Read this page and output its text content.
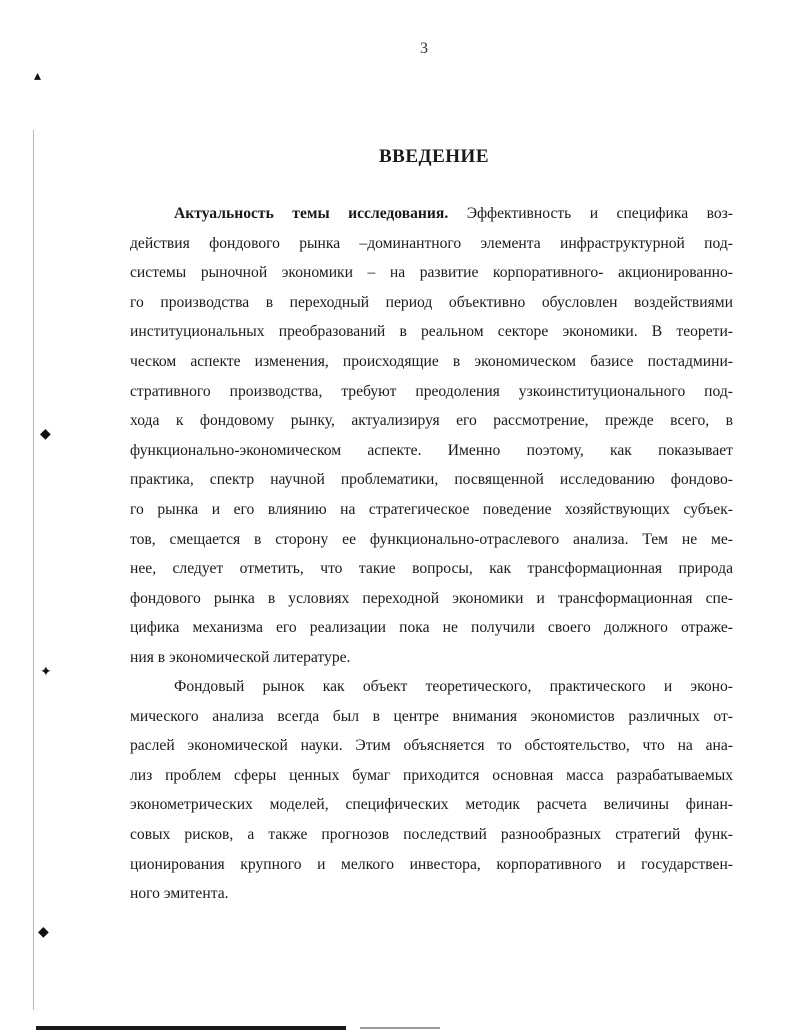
3
▴
◆
✦
◆
ВВЕДЕНИЕ
Актуальность темы исследования. Эффективность и специфика воз-
действия фондового рынка –доминантного элемента инфраструктурной под-
системы рыночной экономики – на развитие корпоративного- акционированно-
го производства в переходный период объективно обусловлен воздействиями
институциональных преобразований в реальном секторе экономики. В теорети-
ческом аспекте изменения, происходящие в экономическом базисе постадмини-
стративного производства, требуют преодоления узкоинституционального под-
хода к фондовому рынку, актуализируя его рассмотрение, прежде всего, в
функционально-экономическом аспекте. Именно поэтому, как показывает
практика, спектр научной проблематики, посвященной исследованию фондово-
го рынка и его влиянию на стратегическое поведение хозяйствующих субъек-
тов, смещается в сторону ее функционально-отраслевого анализа. Тем не ме-
нее, следует отметить, что такие вопросы, как трансформационная природа
фондового рынка в условиях переходной экономики и трансформационная спе-
цифика механизма его реализации пока не получили своего должного отраже-
ния в экономической литературе.
Фондовый рынок как объект теоретического, практического и эконо-
мического анализа всегда был в центре внимания экономистов различных от-
раслей экономической науки. Этим объясняется то обстоятельство, что на ана-
лиз проблем сферы ценных бумаг приходится основная масса разрабатываемых
эконометрических моделей, специфических методик расчета величины финан-
совых рисков, а также прогнозов последствий разнообразных стратегий функ-
ционирования крупного и мелкого инвестора, корпоративного и государствен-
ного эмитента.
